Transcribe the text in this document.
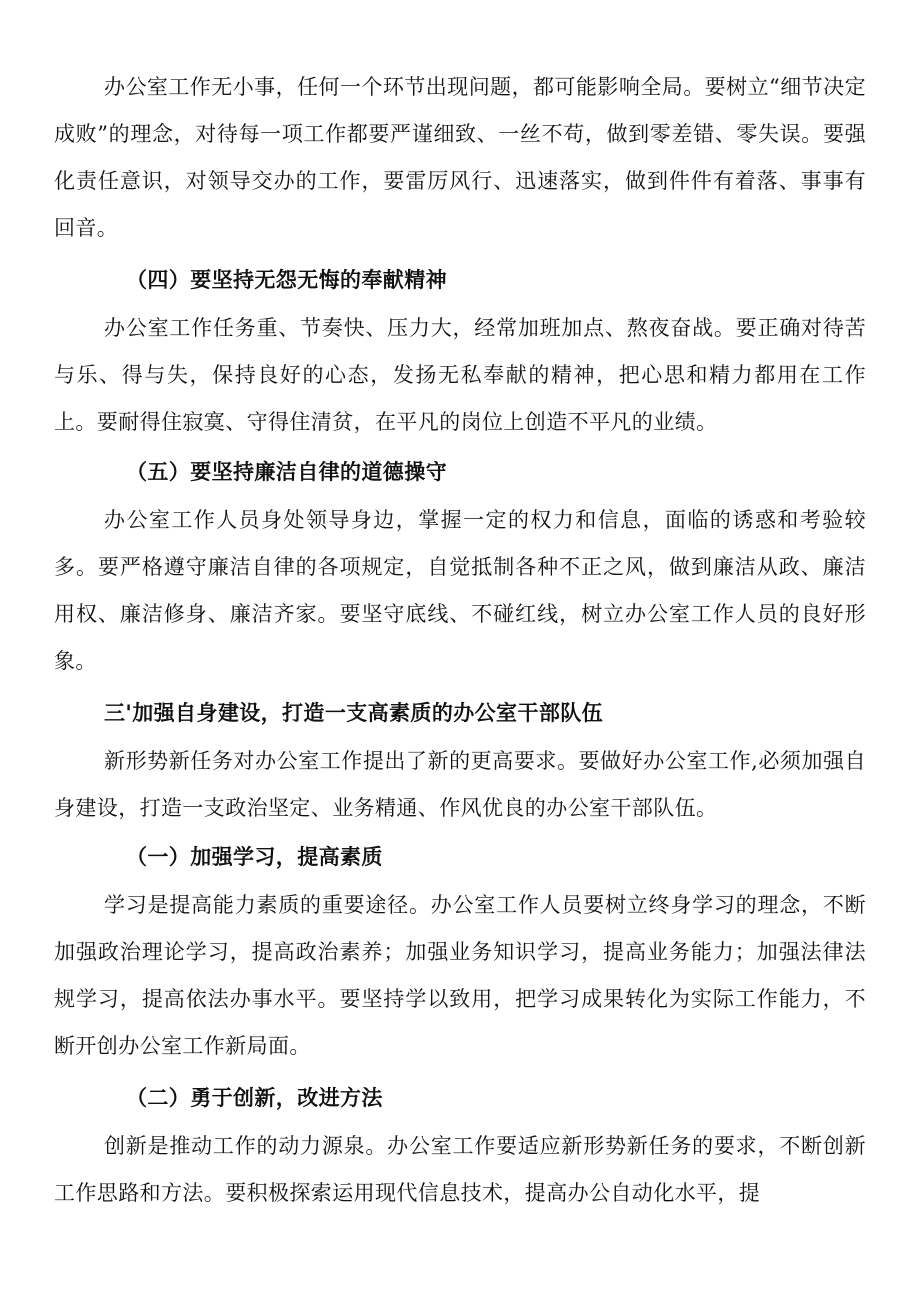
办公室工作无小事，任何一个环节出现问题，都可能影响全局。要树立“细节决定成败”的理念，对待每一项工作都要严谨细致、一丝不苟，做到零差错、零失误。要强化责任意识，对领导交办的工作，要雷厉风行、迅速落实，做到件件有着落、事事有回音。

（四）要坚持无怨无悔的奉献精神

办公室工作任务重、节奏快、压力大，经常加班加点、熬夜奋战。要正确对待苦与乐、得与失，保持良好的心态，发扬无私奉献的精神，把心思和精力都用在工作上。要耐得住寂寞、守得住清贫，在平凡的岗位上创造不平凡的业绩。

（五）要坚持廉洁自律的道德操守

办公室工作人员身处领导身边，掌握一定的权力和信息，面临的诱惑和考验较多。要严格遵守廉洁自律的各项规定，自觉抵制各种不正之风，做到廉洁从政、廉洁用权、廉洁修身、廉洁齐家。要坚守底线、不碰红线，树立办公室工作人员的良好形象。

三'加强自身建设，打造一支高素质的办公室干部队伍

新形势新任务对办公室工作提出了新的更高要求。要做好办公室工作,必须加强自身建设，打造一支政治坚定、业务精通、作风优良的办公室干部队伍。

（一）加强学习，提高素质

学习是提高能力素质的重要途径。办公室工作人员要树立终身学习的理念，不断加强政治理论学习，提高政治素养；加强业务知识学习，提高业务能力；加强法律法规学习，提高依法办事水平。要坚持学以致用，把学习成果转化为实际工作能力，不断开创办公室工作新局面。

（二）勇于创新，改进方法

创新是推动工作的动力源泉。办公室工作要适应新形势新任务的要求，不断创新工作思路和方法。要积极探索运用现代信息技术，提高办公自动化水平，提
